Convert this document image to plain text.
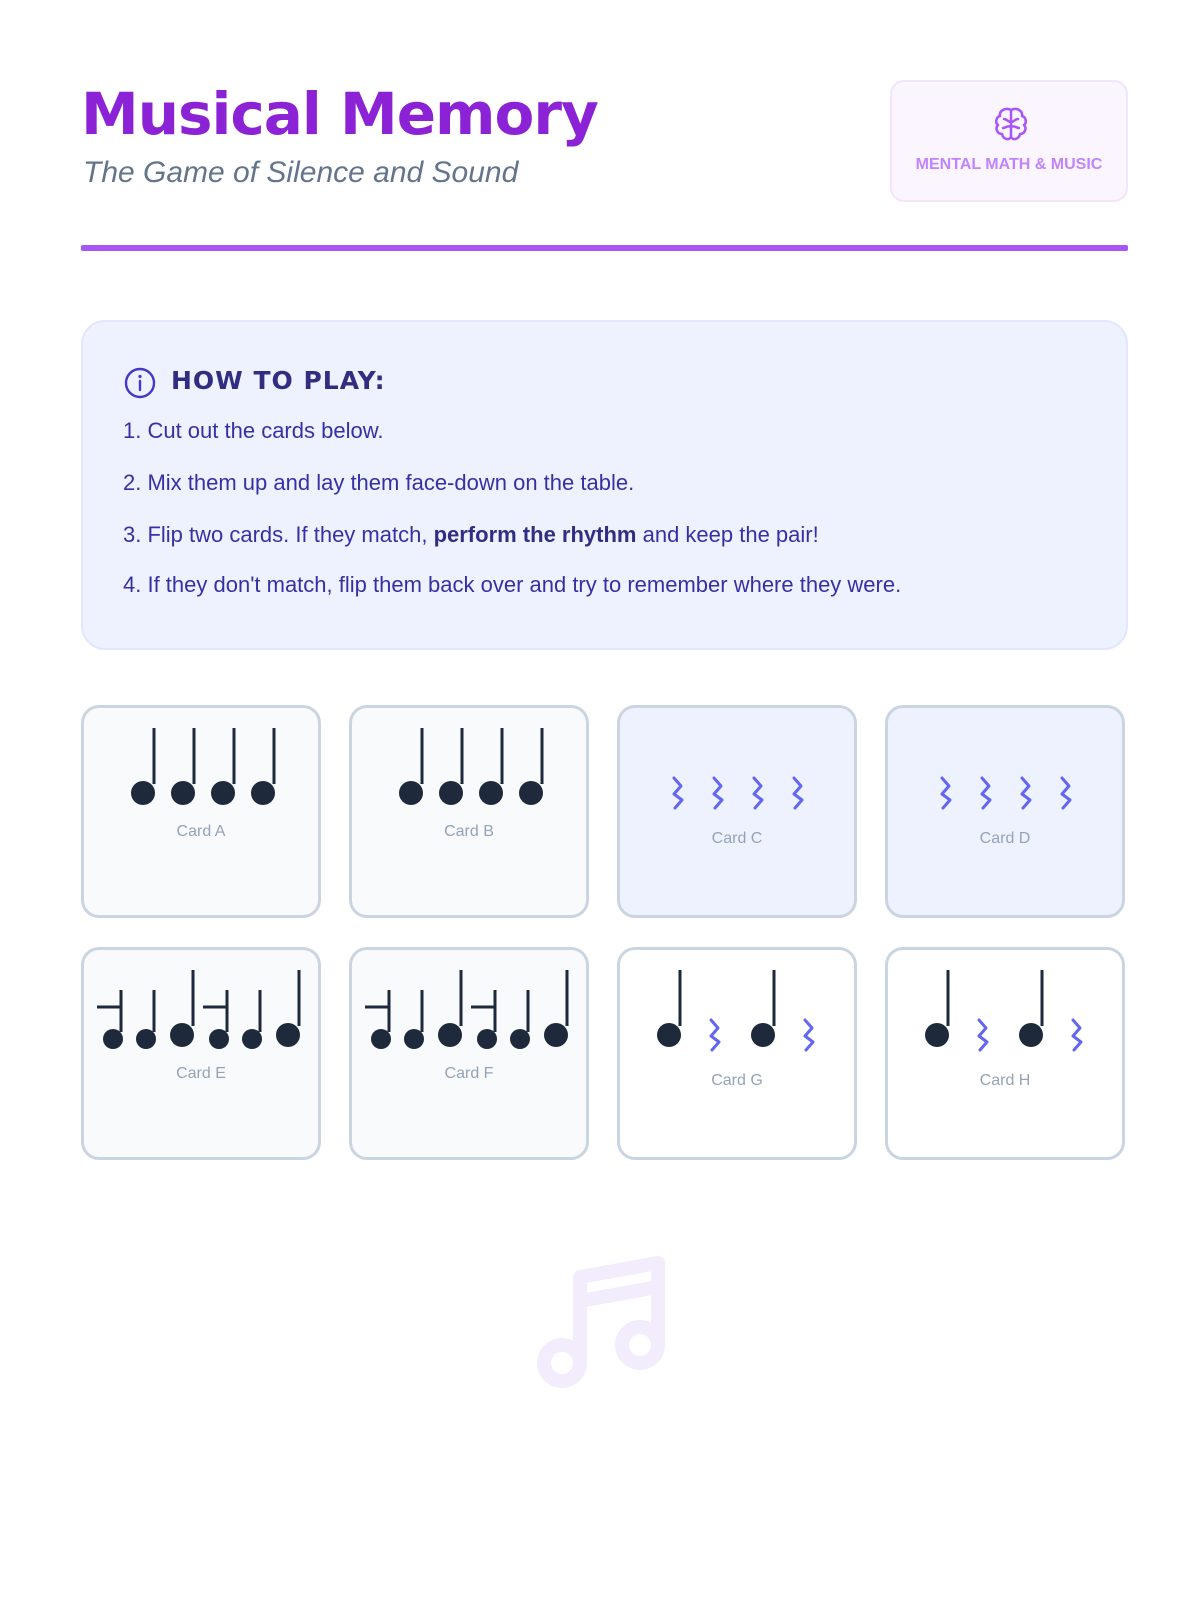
Musical Memory
The Game of Silence and Sound	MENTAL MATH & MUSIC
HOW TO PLAY:
1. Cut out the cards below.
2. Mix them up and lay them face-down on the table.
3. Flip two cards. If they match, perform the rhythm and keep the pair!
4. If they don't match, flip them back over and try to remember where they were.
Card A	Card B	Card C	Card D
Card E	Card F	Card G	Card H
